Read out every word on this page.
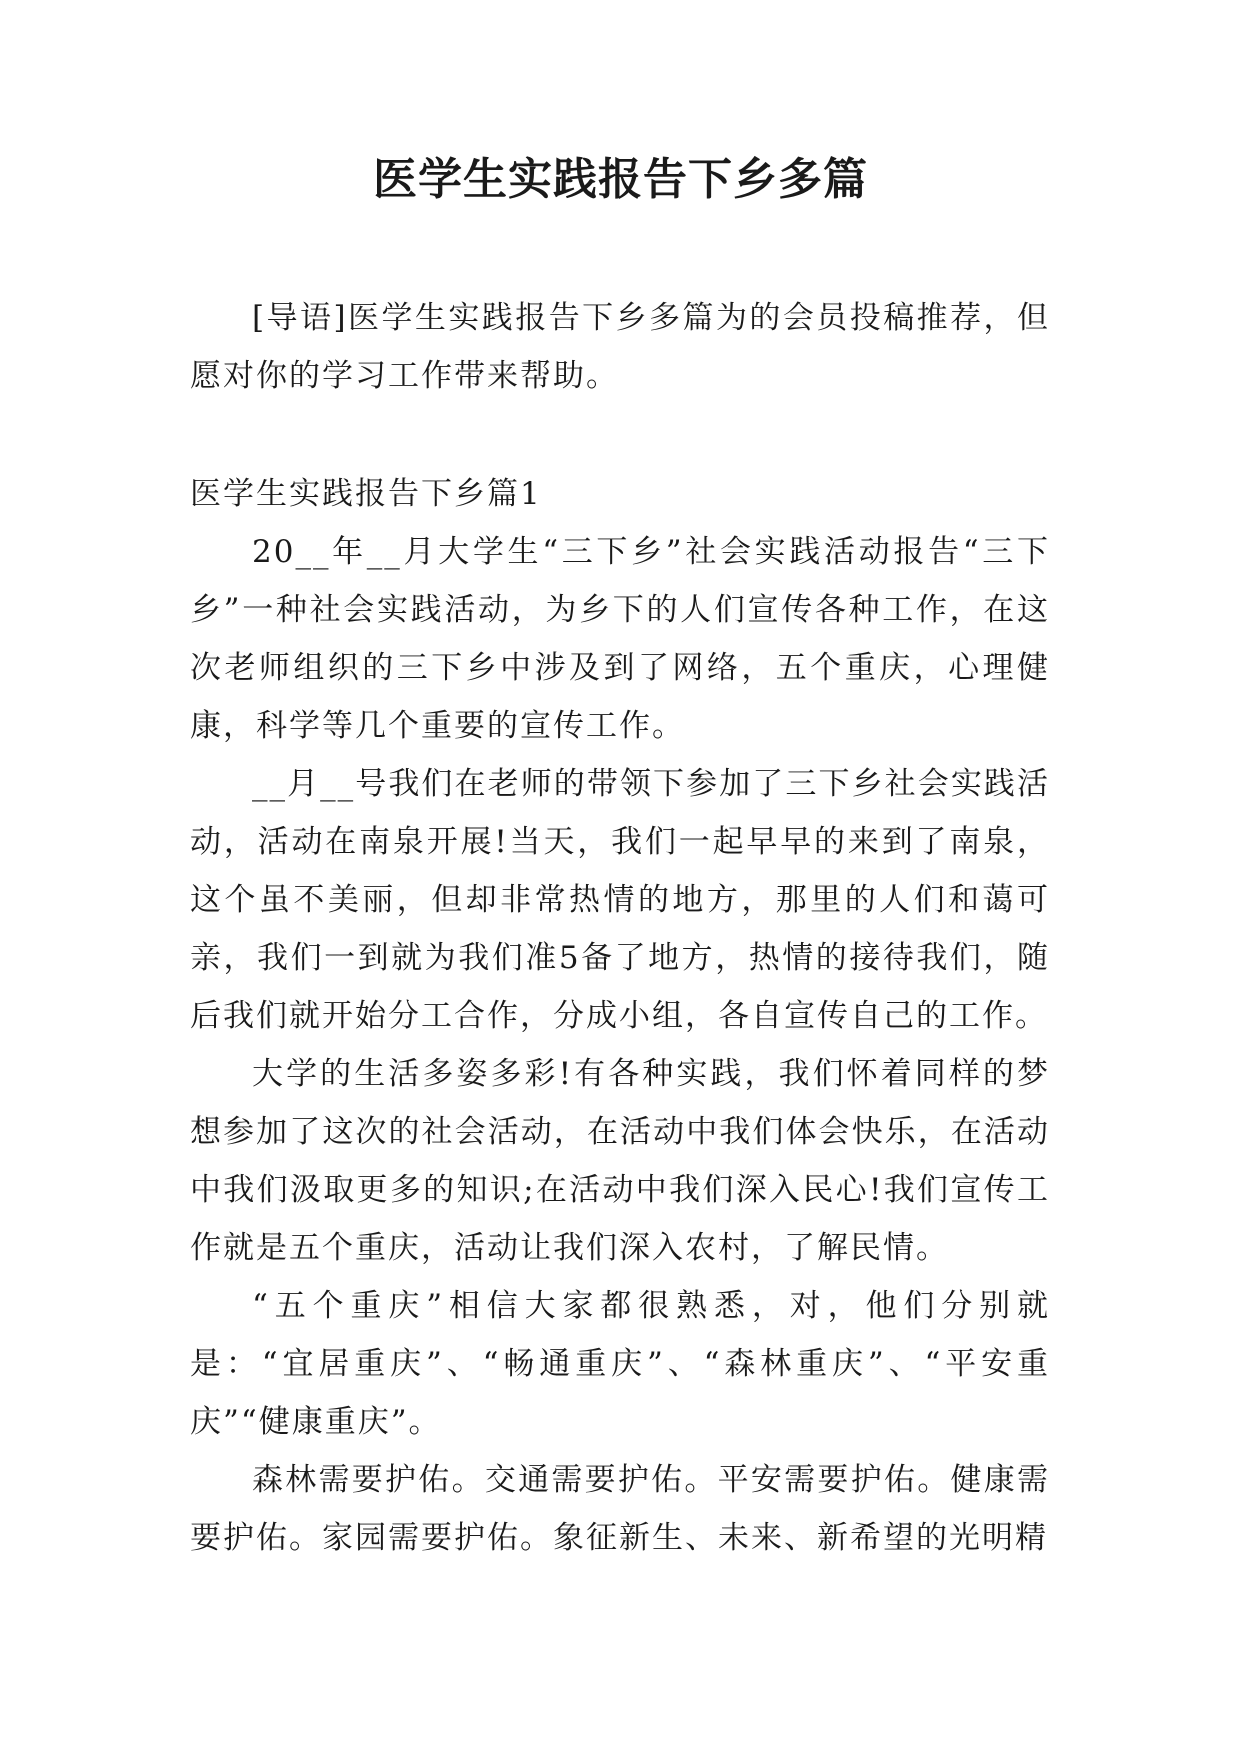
医学生实践报告下乡多篇

[导语]医学生实践报告下乡多篇为的会员投稿推荐，但愿对你的学习工作带来帮助。

医学生实践报告下乡篇1

20__年__月大学生“三下乡”社会实践活动报告“三下乡”一种社会实践活动，为乡下的人们宣传各种工作，在这次老师组织的三下乡中涉及到了网络，五个重庆，心理健康，科学等几个重要的宣传工作。

__月__号我们在老师的带领下参加了三下乡社会实践活动，活动在南泉开展!当天，我们一起早早的来到了南泉，这个虽不美丽，但却非常热情的地方，那里的人们和蔼可亲，我们一到就为我们准5备了地方，热情的接待我们，随后我们就开始分工合作，分成小组，各自宣传自己的工作。

大学的生活多姿多彩!有各种实践，我们怀着同样的梦想参加了这次的社会活动，在活动中我们体会快乐，在活动中我们汲取更多的知识;在活动中我们深入民心!我们宣传工作就是五个重庆，活动让我们深入农村，了解民情。

“五个重庆”相信大家都很熟悉，对，他们分别就是：“宜居重庆”、“畅通重庆”、“森林重庆”、“平安重庆”“健康重庆”。

森林需要护佑。交通需要护佑。平安需要护佑。健康需要护佑。家园需要护佑。象征新生、未来、新希望的光明精
